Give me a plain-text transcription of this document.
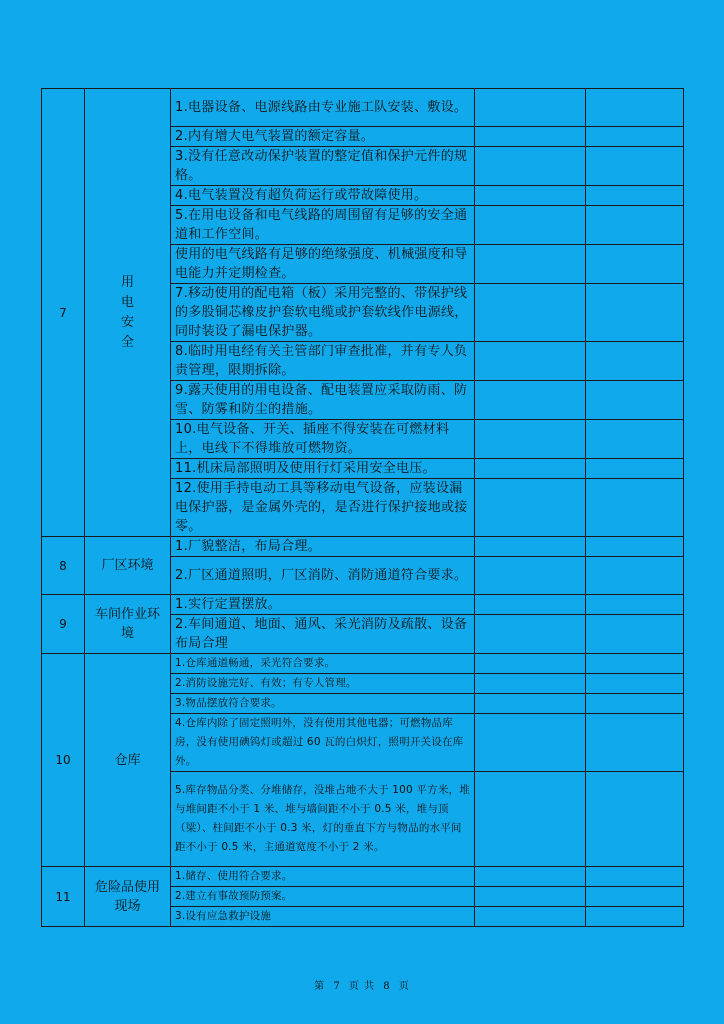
7	用
电
安
全	1.电器设备、电源线路由专业施工队安装、敷设。		
		2.内有增大电气装置的额定容量。		
		3.没有任意改动保护装置的整定值和保护元件的规格。		
		4.电气装置没有超负荷运行或带故障使用。		
		5.在用电设备和电气线路的周围留有足够的安全通道和工作空间。		
		使用的电气线路有足够的绝缘强度、机械强度和导电能力并定期检查。		
		7.移动使用的配电箱（板）采用完整的、带保护线的多股铜芯橡皮护套软电缆或护套软线作电源线，同时装设了漏电保护器。		
		8.临时用电经有关主管部门审查批准，并有专人负责管理，限期拆除。		
		9.露天使用的用电设备、配电装置应采取防雨、防雪、防雾和防尘的措施。		
		10.电气设备、开关、插座不得安装在可燃材料上，电线下不得堆放可燃物资。		
		11.机床局部照明及使用行灯采用安全电压。		
		12.使用手持电动工具等移动电气设备，应装设漏电保护器，是金属外壳的，是否进行保护接地或接零。		
8	厂区环境	1.厂貌整洁，布局合理。		
		2.厂区通道照明，厂区消防、消防通道符合要求。		
9	车间作业环境	1.实行定置摆放。		
		2.车间通道、地面、通风、采光消防及疏散、设备布局合理		
10	仓库	1.仓库通道畅通，采光符合要求。		
		2.消防设施完好、有效；有专人管理。		
		3.物品摆放符合要求。		
		4.仓库内除了固定照明外，没有使用其他电器；可燃物品库房，没有使用碘钨灯或超过 60 瓦的白炽灯，照明开关设在库外。		
		5.库存物品分类、分堆储存，没堆占地不大于 100 平方米，堆与堆间距不小于 1 米、堆与墙间距不小于 0.5 米，堆与顶（梁）、柱间距不小于 0.3 米，灯的垂直下方与物品的水平间距不小于 0.5 米，主通道宽度不小于 2 米。		
11	危险品使用现场	1.储存、使用符合要求。		
		2.建立有事故预防预案。		
		3.设有应急救护设施		
第 7 页 共 8 页
